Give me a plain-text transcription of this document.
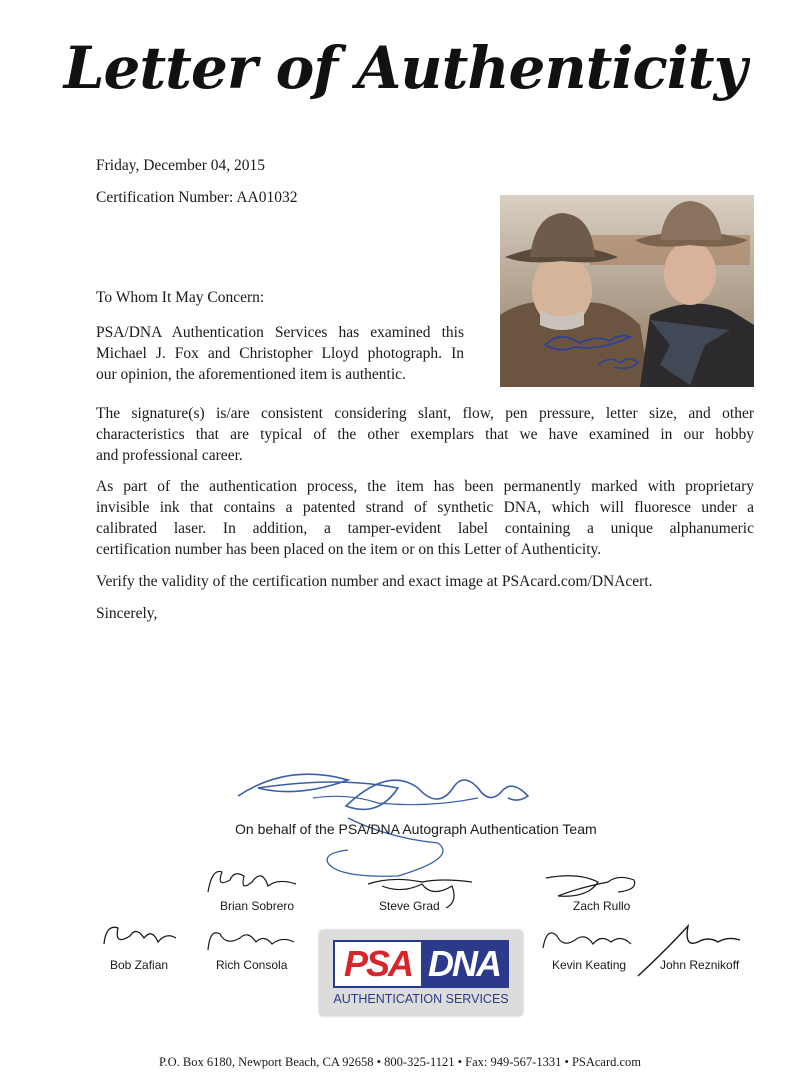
Letter of Authenticity
Friday, December 04, 2015
Certification Number: AA01032
To Whom It May Concern:
PSA/DNA Authentication Services has examined this
Michael J. Fox and Christopher Lloyd photograph. In
our opinion, the aforementioned item is authentic.
The signature(s) is/are consistent considering slant, flow, pen pressure, letter size, and other
characteristics that are typical of the other exemplars that we have examined in our hobby
and professional career.
As part of the authentication process, the item has been permanently marked with proprietary
invisible ink that contains a patented strand of synthetic DNA, which will fluoresce under a
calibrated laser. In addition, a tamper-evident label containing a unique alphanumeric
certification number has been placed on the item or on this Letter of Authenticity.
Verify the validity of the certification number and exact image at PSAcard.com/DNAcert.
Sincerely,
On behalf of the PSA/DNA Autograph Authentication Team
Brian Sobrero	Steve Grad	Zach Rullo
Bob Zafian	Rich Consola	Kevin Keating	John Reznikoff
PSA DNA
AUTHENTICATION SERVICES
P.O. Box 6180, Newport Beach, CA 92658 • 800-325-1121 • Fax: 949-567-1331 • PSAcard.com
